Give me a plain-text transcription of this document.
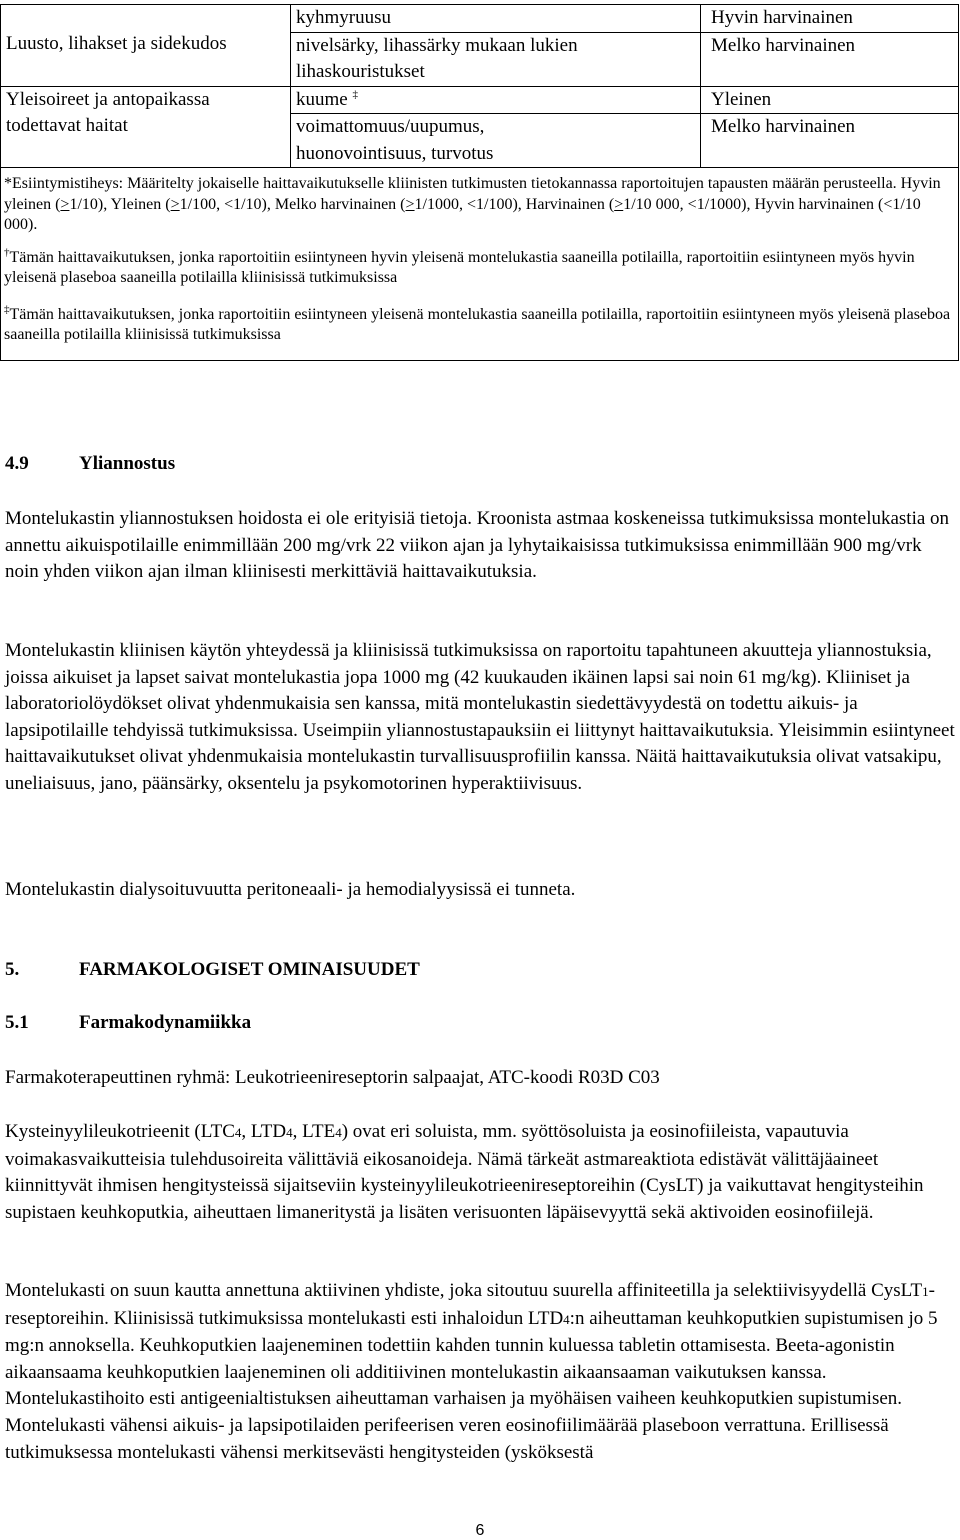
Luusto, lihakset ja sidekudos	kyhmyruusu	Hyvin harvinainen
	nivelsärky, lihassärky mukaan lukien lihaskouristukset	Melko harvinainen
Yleisoireet ja antopaikassa todettavat haitat	kuume ‡	Yleinen
	voimattomuus/uupumus, huonovointisuus, turvotus	Melko harvinainen

*Esiintymistiheys: Määritelty jokaiselle haittavaikutukselle kliinisten tutkimusten tietokannassa raportoitujen tapausten määrän perusteella. Hyvin yleinen (>1/10), Yleinen (>1/100, <1/10), Melko harvinainen (>1/1000, <1/100), Harvinainen (>1/10 000, <1/1000), Hyvin harvinainen (<1/10 000).

†Tämän haittavaikutuksen, jonka raportoitiin esiintyneen hyvin yleisenä montelukastia saaneilla potilailla, raportoitiin esiintyneen myös hyvin yleisenä plaseboa saaneilla potilailla kliinisissä tutkimuksissa

‡Tämän haittavaikutuksen, jonka raportoitiin esiintyneen yleisenä montelukastia saaneilla potilailla, raportoitiin esiintyneen myös yleisenä plaseboa saaneilla potilailla kliinisissä tutkimuksissa		

4.9	Yliannostus

Montelukastin yliannostuksen hoidosta ei ole erityisiä tietoja. Kroonista astmaa koskeneissa tutkimuksissa montelukastia on annettu aikuispotilaille enimmillään 200 mg/vrk 22 viikon ajan ja lyhytaikaisissa tutkimuksissa enimmillään 900 mg/vrk noin yhden viikon ajan ilman kliinisesti merkittäviä haittavaikutuksia.

Montelukastin kliinisen käytön yhteydessä ja kliinisissä tutkimuksissa on raportoitu tapahtuneen akuutteja yliannostuksia, joissa aikuiset ja lapset saivat montelukastia jopa 1000 mg (42 kuukauden ikäinen lapsi sai noin 61 mg/kg). Kliiniset ja laboratoriolöydökset olivat yhdenmukaisia sen kanssa, mitä montelukastin siedettävyydestä on todettu aikuis- ja lapsipotilaille tehdyissä tutkimuksissa. Useimpiin yliannostustapauksiin ei liittynyt haittavaikutuksia. Yleisimmin esiintyneet haittavaikutukset olivat yhdenmukaisia montelukastin turvallisuusprofiilin kanssa. Näitä haittavaikutuksia olivat vatsakipu, uneliaisuus, jano, päänsärky, oksentelu ja psykomotorinen hyperaktiivisuus.

Montelukastin dialysoituvuutta peritoneaali- ja hemodialyysissä ei tunneta.

5.	FARMAKOLOGISET OMINAISUUDET
5.1	Farmakodynamiikka

Farmakoterapeuttinen ryhmä: Leukotrieenireseptorin salpaajat, ATC-koodi R03D C03

Kysteinyylileukotrieenit (LTC4, LTD4, LTE4) ovat eri soluista, mm. syöttösoluista ja eosinofiileista, vapautuvia voimakasvaikutteisia tulehdusoireita välittäviä eikosanoideja. Nämä tärkeät astmareaktiota edistävät välittäjäaineet kiinnittyvät ihmisen hengitysteissä sijaitseviin kysteinyylileukotrieenireseptoreihin (CysLT) ja vaikuttavat hengitysteihin supistaen keuhkoputkia, aiheuttaen limaneritystä ja lisäten verisuonten läpäisevyyttä sekä aktivoiden eosinofiilejä.

Montelukasti on suun kautta annettuna aktiivinen yhdiste, joka sitoutuu suurella affiniteetilla ja selektiivisyydellä CysLT1-reseptoreihin. Kliinisissä tutkimuksissa montelukasti esti inhaloidun LTD4:n aiheuttaman keuhkoputkien supistumisen jo 5 mg:n annoksella. Keuhkoputkien laajeneminen todettiin kahden tunnin kuluessa tabletin ottamisesta. Beeta-agonistin aikaansaama keuhkoputkien laajeneminen oli additiivinen montelukastin aikaansaaman vaikutuksen kanssa. Montelukastihoito esti antigeenialtistuksen aiheuttaman varhaisen ja myöhäisen vaiheen keuhkoputkien supistumisen. Montelukasti vähensi aikuis- ja lapsipotilaiden perifeerisen veren eosinofiilimäärää plaseboon verrattuna. Erillisessä tutkimuksessa montelukasti vähensi merkitsevästi hengitysteiden (ysköksestä

6
